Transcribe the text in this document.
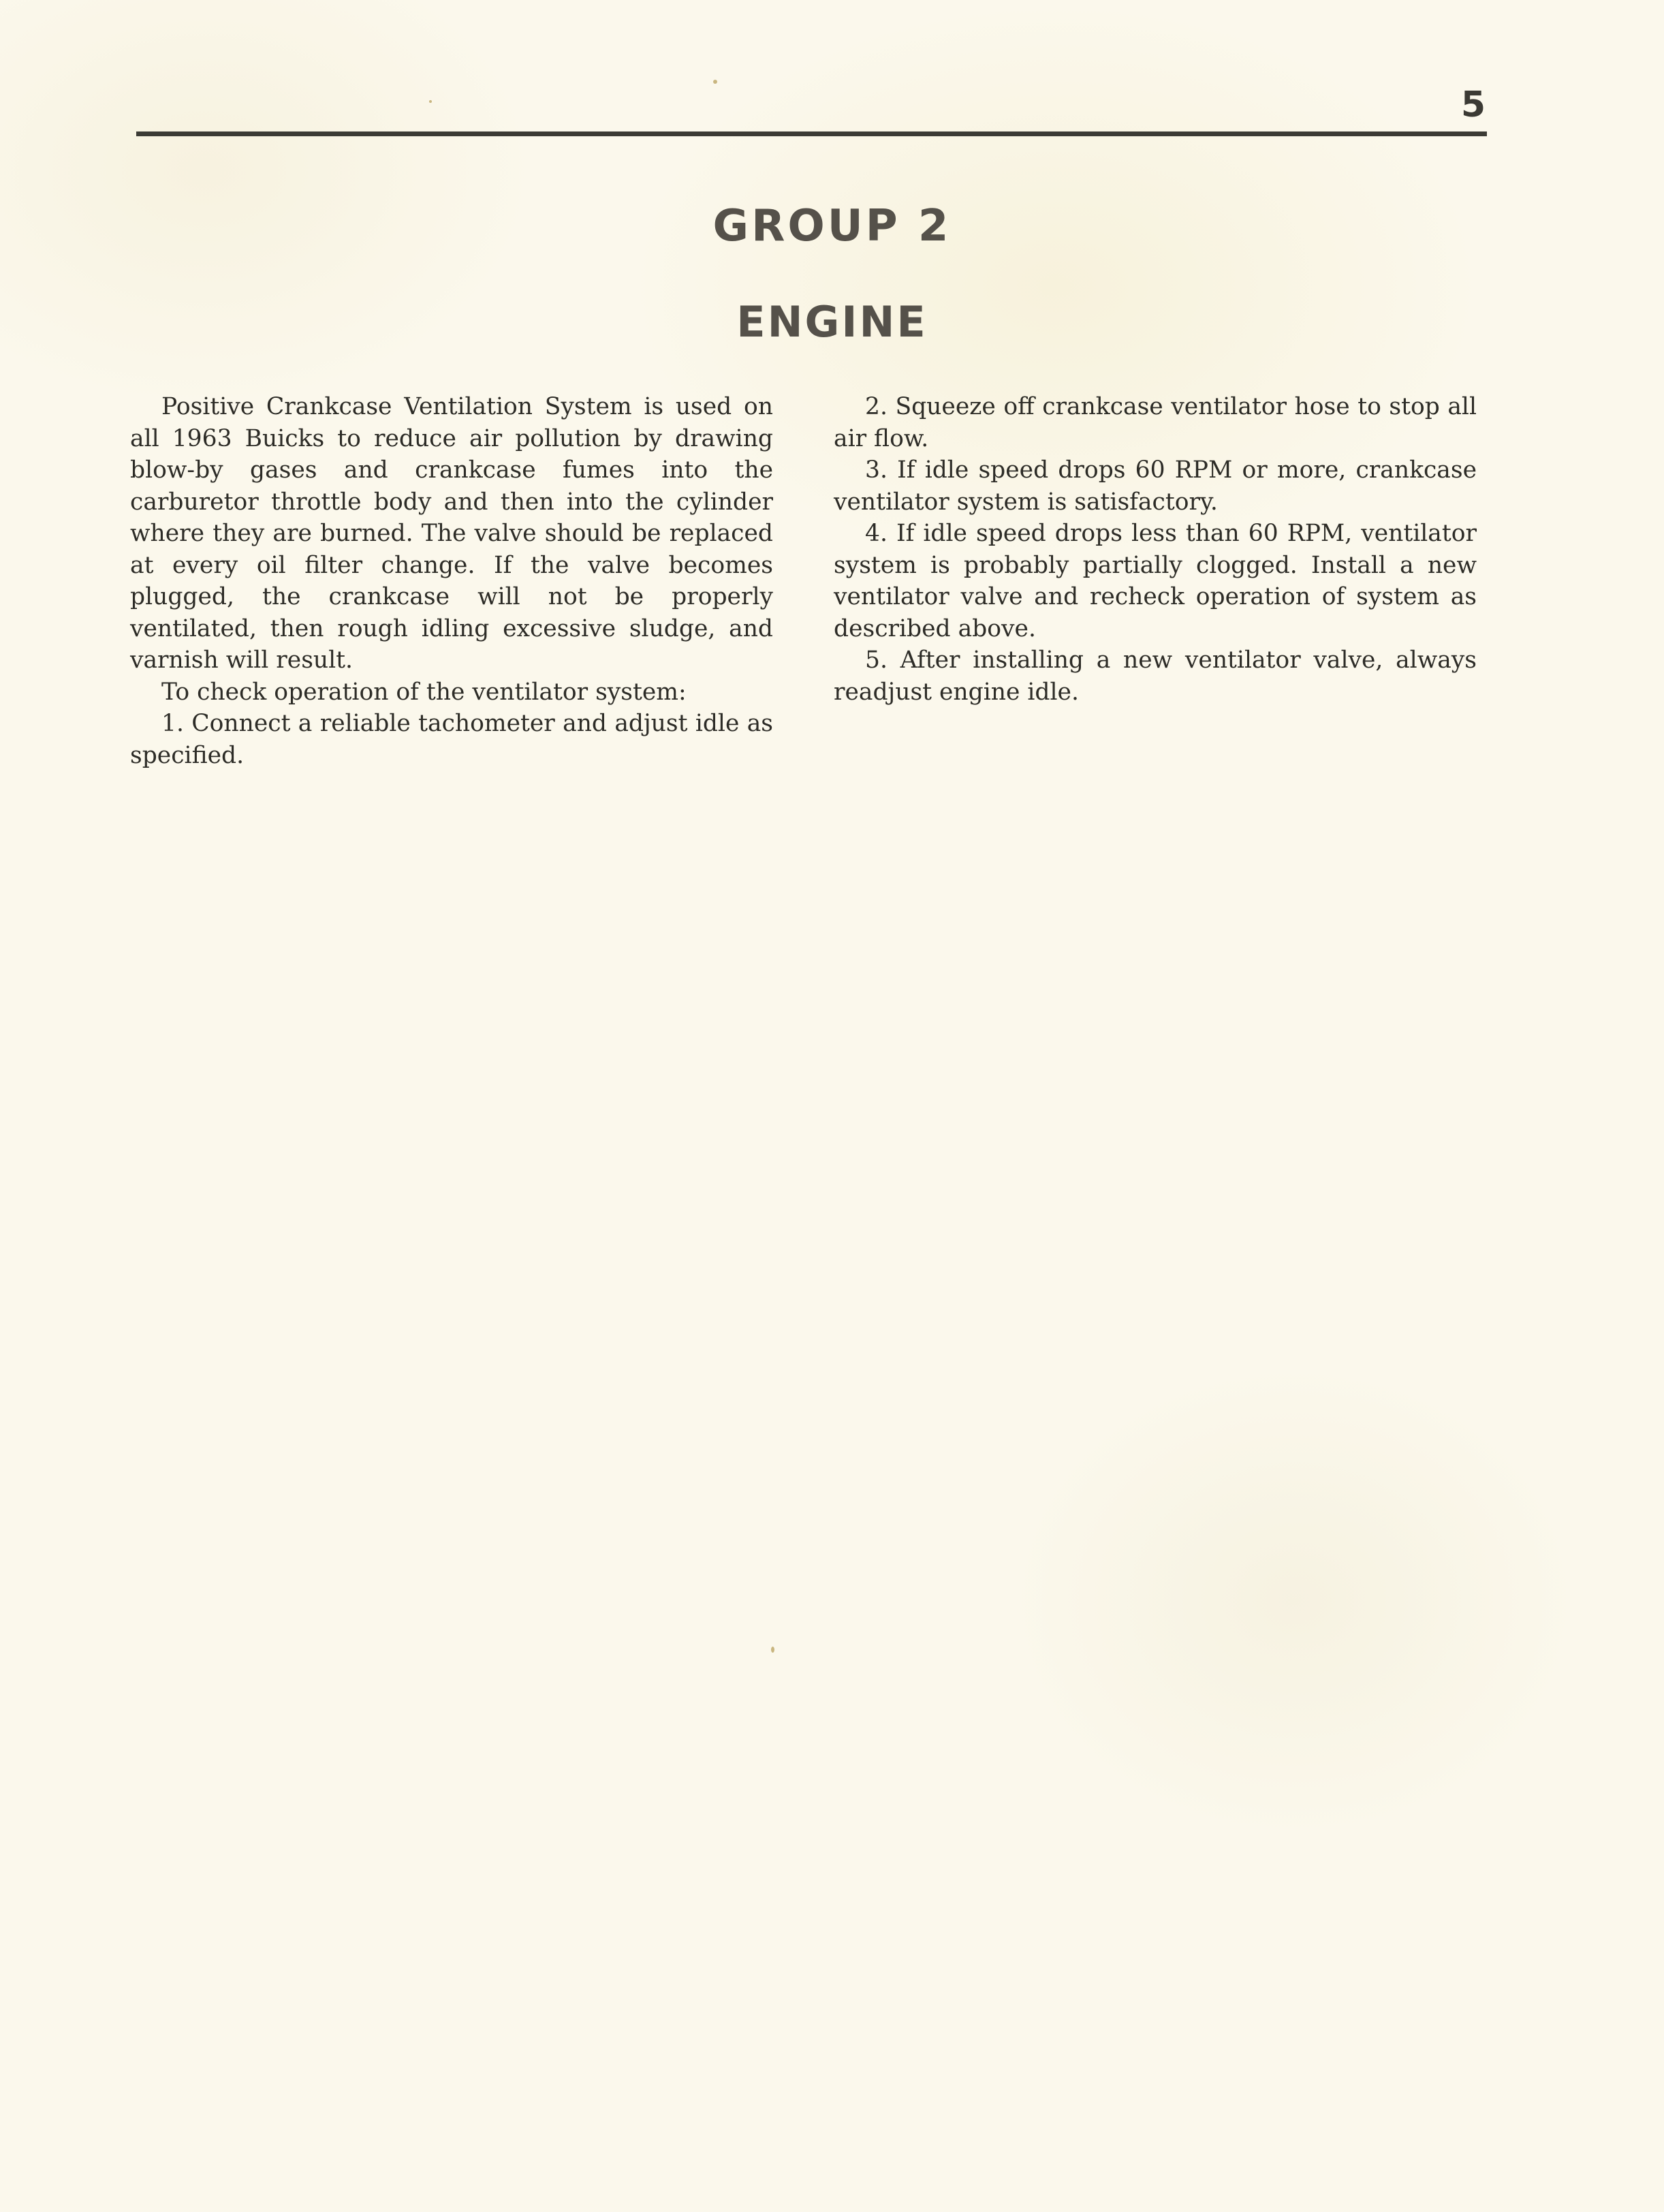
5
GROUP 2
ENGINE

Positive Crankcase Ventilation System is used on all 1963 Buicks to reduce air pollution by drawing blow-by gases and crankcase fumes into the carburetor throttle body and then into the cylinder where they are burned. The valve should be replaced at every oil filter change. If the valve becomes plugged, the crankcase will not be properly ventilated, then rough idling excessive sludge, and varnish will result.

To check operation of the ventilator system:

1. Connect a reliable tachometer and adjust idle as specified.

2. Squeeze off crankcase ventilator hose to stop all air flow.

3. If idle speed drops 60 RPM or more, crankcase ventilator system is satisfactory.

4. If idle speed drops less than 60 RPM, ventilator system is probably partially clogged. Install a new ventilator valve and recheck operation of system as described above.

5. After installing a new ventilator valve, always readjust engine idle.
